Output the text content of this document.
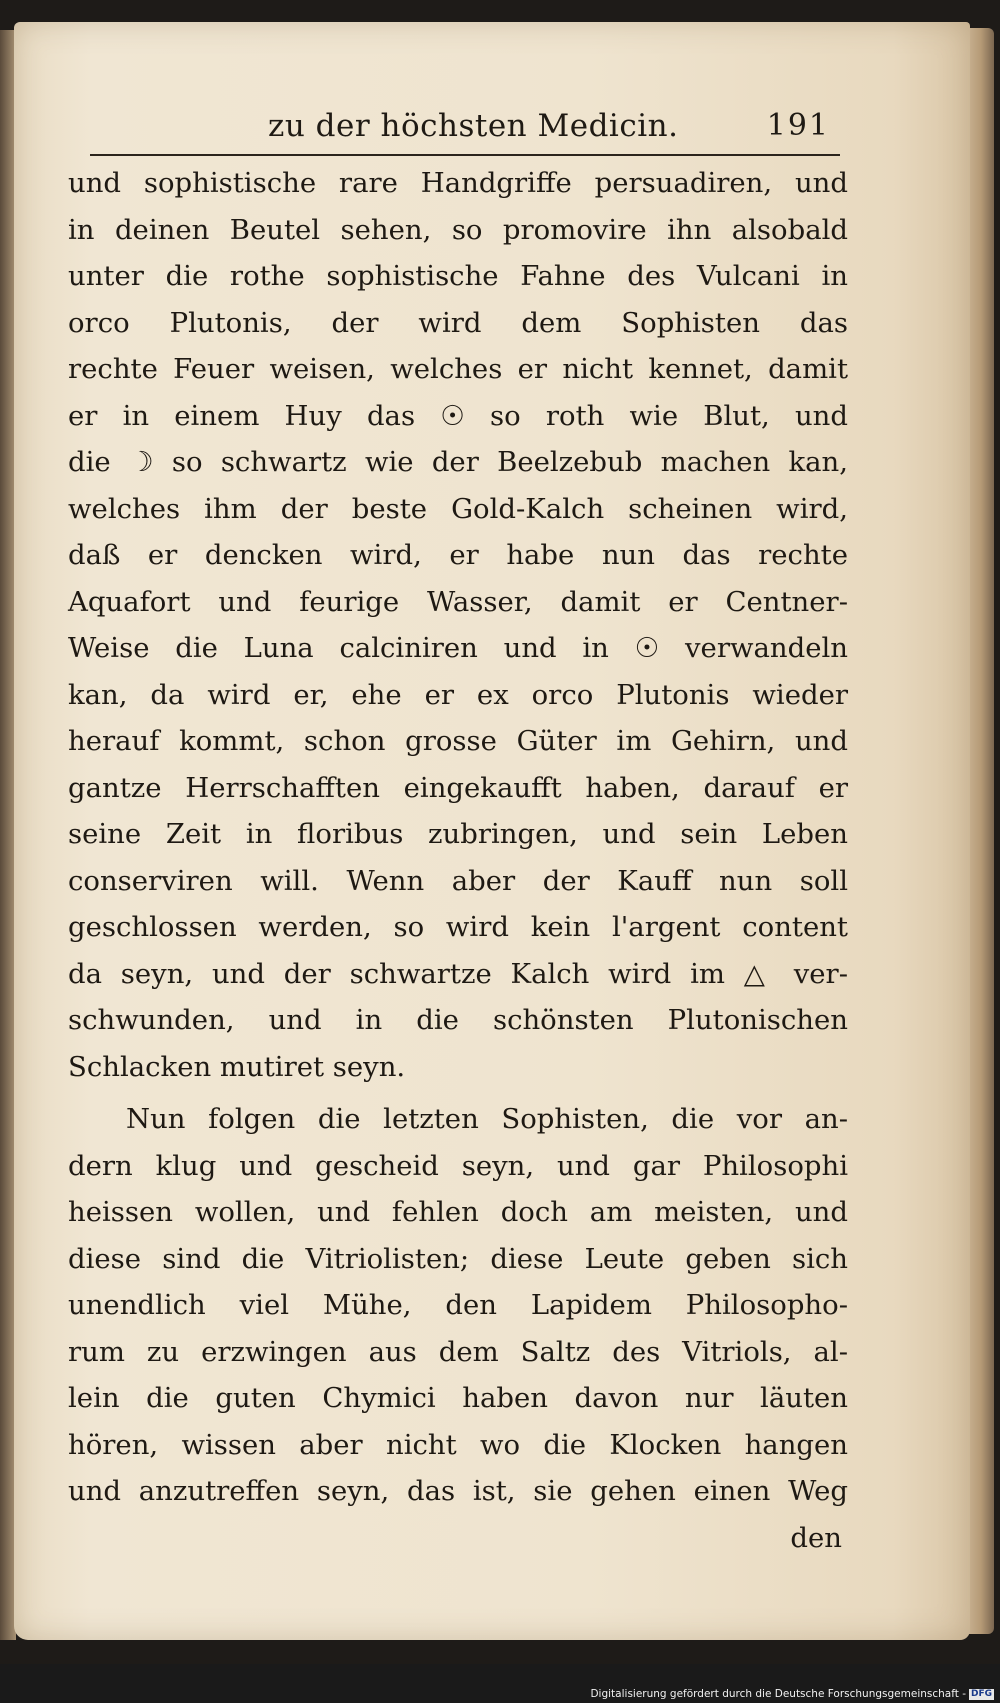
zu der höchsten Medicin.	191
und sophistische rare Handgriffe persuadiren, und
in deinen Beutel sehen, so promovire ihn alsobald
unter die rothe sophistische Fahne des Vulcani in
orco Plutonis, der wird dem Sophisten das
rechte Feuer weisen, welches er nicht kennet, damit
er in einem Huy das ☉ so roth wie Blut, und
die ☽ so schwartz wie der Beelzebub machen kan,
welches ihm der beste Gold-Kalch scheinen wird,
daß er dencken wird, er habe nun das rechte
Aquafort und feurige Wasser, damit er Centner-
Weise die Luna calciniren und in ☉ verwandeln
kan, da wird er, ehe er ex orco Plutonis wieder
herauf kommt, schon grosse Güter im Gehirn, und
gantze Herrschafften eingekaufft haben, darauf er
seine Zeit in floribus zubringen, und sein Leben
conserviren will. Wenn aber der Kauff nun soll
geschlossen werden, so wird kein l'argent content
da seyn, und der schwartze Kalch wird im △ ver-
schwunden, und in die schönsten Plutonischen
Schlacken mutiret seyn.
Nun folgen die letzten Sophisten, die vor an-
dern klug und gescheid seyn, und gar Philosophi
heissen wollen, und fehlen doch am meisten, und
diese sind die Vitriolisten; diese Leute geben sich
unendlich viel Mühe, den Lapidem Philosopho-
rum zu erzwingen aus dem Saltz des Vitriols, al-
lein die guten Chymici haben davon nur läuten
hören, wissen aber nicht wo die Klocken hangen
und anzutreffen seyn, das ist, sie gehen einen Weg
den
Digitalisierung gefördert durch die Deutsche Forschungsgemeinschaft - DFG
